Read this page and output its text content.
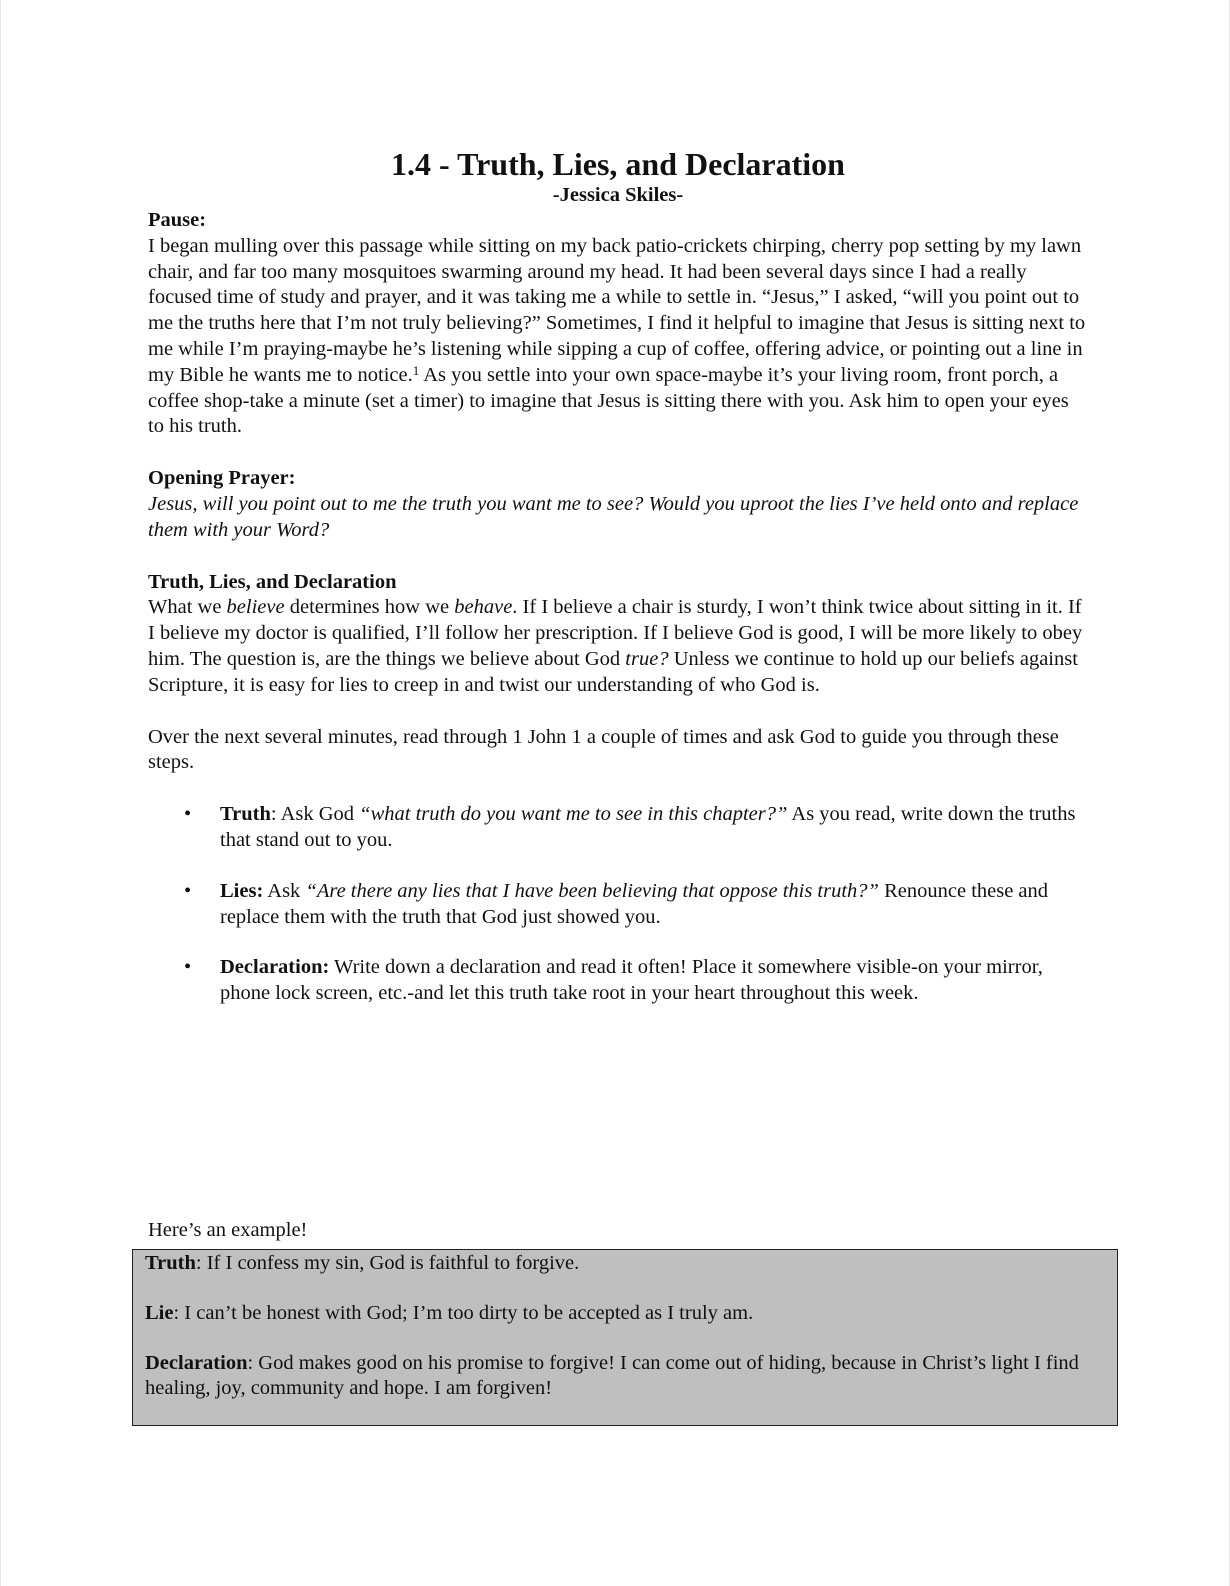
1.4 - Truth, Lies, and Declaration

-Jessica Skiles-

Pause:

I began mulling over this passage while sitting on my back patio-crickets chirping, cherry pop setting by my lawn chair, and far too many mosquitoes swarming around my head. It had been several days since I had a really focused time of study and prayer, and it was taking me a while to settle in. “Jesus,” I asked, “will you point out to me the truths here that I’m not truly believing?” Sometimes, I find it helpful to imagine that Jesus is sitting next to me while I’m praying-maybe he’s listening while sipping a cup of coffee, offering advice, or pointing out a line in my Bible he wants me to notice.$^1$ As you settle into your own space-maybe it’s your living room, front porch, a coffee shop-take a minute (set a timer) to imagine that Jesus is sitting there with you. Ask him to open your eyes to his truth.

Opening Prayer:

Jesus, will you point out to me the truth you want me to see? Would you uproot the lies I’ve held onto and replace them with your Word?

Truth, Lies, and Declaration

What we believe determines how we behave. If I believe a chair is sturdy, I won’t think twice about sitting in it. If I believe my doctor is qualified, I’ll follow her prescription. If I believe God is good, I will be more likely to obey him. The question is, are the things we believe about God true? Unless we continue to hold up our beliefs against Scripture, it is easy for lies to creep in and twist our understanding of who God is.

Over the next several minutes, read through 1 John 1 a couple of times and ask God to guide you through these steps.

• Truth: Ask God “what truth do you want me to see in this chapter?” As you read, write down the truths that stand out to you.
• Lies: Ask “Are there any lies that I have been believing that oppose this truth?” Renounce these and replace them with the truth that God just showed you.
• Declaration: Write down a declaration and read it often! Place it somewhere visible-on your mirror, phone lock screen, etc.-and let this truth take root in your heart throughout this week.

Here’s an example!

Truth: If I confess my sin, God is faithful to forgive.

Lie: I can’t be honest with God; I’m too dirty to be accepted as I truly am.

Declaration: God makes good on his promise to forgive! I can come out of hiding, because in Christ’s light I find healing, joy, community and hope. I am forgiven!
